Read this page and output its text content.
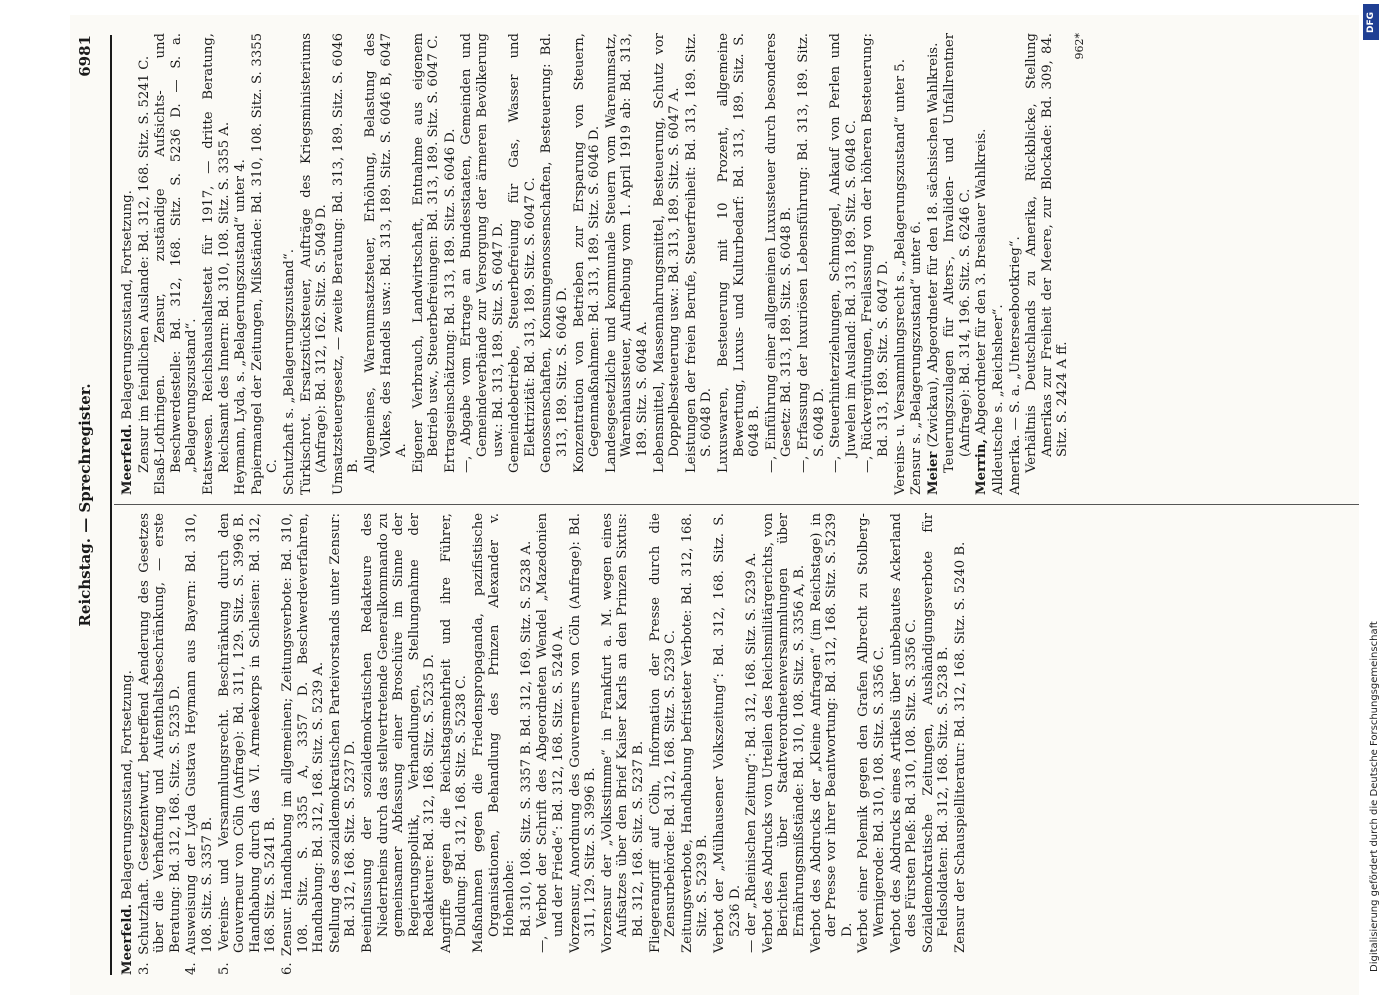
Reichstag. — Sprechregister.
6981

Meerfeld. Belagerungszustand, Fortsetzung. 3. Schutzhaft. Gesetzentwurf, betreffend Aenderung des Gesetzes über die Verhaftung und Aufenthaltsbeschränkung, — erste Beratung: Bd. 312, 168. Sitz. S. 5235 D. 4. Ausweisung der Lyda Gustava Heymann aus Bayern: Bd. 310, 108. Sitz. S. 3357 B. 5. Vereins- und Versammlungsrecht. Beschränkung durch den Gouverneur von Cöln (Anfrage): Bd. 311, 129. Sitz. S. 3996 B. Handhabung durch das VI. Armeekorps in Schlesien: Bd. 312, 168. Sitz. S. 5241 B. 6. Zensur. Handhabung im allgemeinen; Zeitungsverbote: Bd. 310, 108. Sitz. S. 3355 A, 3357 D. Beschwerdeverfahren, Handhabung: Bd. 312, 168. Sitz. S. 5239 A. Stellung des sozialdemokratischen Parteivorstands unter Zensur: Bd. 312, 168. Sitz. S. 5237 D. Beeinflussung der sozialdemokratischen Redakteure des Niederrheins durch das stellvertretende Generalkommando zu gemeinsamer Abfassung einer Broschüre im Sinne der Regierungspolitik, Verhandlungen, Stellungnahme der Redakteure: Bd. 312, 168. Sitz. S. 5235 D. Angriffe gegen die Reichstagsmehrheit und ihre Führer, Duldung: Bd. 312, 168. Sitz. S. 5238 C. Maßnahmen gegen die Friedenspropaganda, pazifistische Organisationen, Behandlung des Prinzen Alexander v. Hohenlohe: Bd. 310, 108. Sitz. S. 3357 B. Bd. 312, 169. Sitz. S. 5238 A. —, Verbot der Schrift des Abgeordneten Wendel „Mazedonien und der Friede“: Bd. 312, 168. Sitz. S. 5240 A. Vorzensur, Anordnung des Gouverneurs von Cöln (Anfrage): Bd. 311, 129. Sitz. S. 3996 B. Vorzensur der „Volksstimme“ in Frankfurt a. M. wegen eines Aufsatzes über den Brief Kaiser Karls an den Prinzen Sixtus: Bd. 312, 168. Sitz. S. 5237 B. Fliegerangriff auf Cöln, Information der Presse durch die Zensurbehörde: Bd. 312, 168. Sitz. S. 5239 C. Zeitungsverbote, Handhabung befristeter Verbote: Bd. 312, 168. Sitz. S. 5239 B. Verbot der „Mülhausener Volkszeitung“: Bd. 312, 168. Sitz. S. 5236 D. — der „Rheinischen Zeitung“: Bd. 312, 168. Sitz. S. 5239 A. Verbot des Abdrucks von Urteilen des Reichsmilitärgerichts, von Berichten über Stadtverordnetenversammlungen über Ernährungsmißstände: Bd. 310, 108. Sitz. S. 3356 A, B. Verbot des Abdrucks der „Kleine Anfragen“ (im Reichstage) in der Presse vor ihrer Beantwortung: Bd. 312, 168. Sitz. S. 5239 D. Verbot einer Polemik gegen den Grafen Albrecht zu Stolberg-Wernigerode: Bd. 310, 108. Sitz. S. 3356 C. Verbot des Abdrucks eines Artikels über unbebautes Ackerland des Fürsten Pleß: Bd. 310, 108. Sitz. S. 3356 C. Sozialdemokratische Zeitungen, Aushändigungsverbote für Feldsoldaten: Bd. 312, 168. Sitz. S. 5238 B. Zensur der Schauspielliteratur: Bd. 312, 168. Sitz. S. 5240 B.

Meerfeld. Belagerungszustand, Fortsetzung. Zensur im feindlichen Auslande: Bd. 312, 168. Sitz. S. 5241 C. Elsaß-Lothringen. Zensur, zuständige Aufsichts- und Beschwerdestelle: Bd. 312, 168. Sitz. S. 5236 D. — S. a. „Belagerungszustand“. Etatswesen. Reichshaushaltsetat für 1917, — dritte Beratung, Reichsamt des Innern: Bd. 310, 108. Sitz. S. 3355 A. Heymann, Lyda, s. „Belagerungszustand“ unter 4. Papiermangel der Zeitungen, Mißstände: Bd. 310, 108. Sitz. S. 3355 C. Schutzhaft s. „Belagerungszustand“. Türkischrot. Ersatzstücksteuer, Aufträge des Kriegsministeriums (Anfrage): Bd. 312, 162. Sitz. S. 5049 D. Umsatzsteuergesetz, — zweite Beratung: Bd. 313, 189. Sitz. S. 6046 B. Allgemeines, Warenumsatzsteuer, Erhöhung, Belastung des Volkes, des Handels usw.: Bd. 313, 189. Sitz. S. 6046 B, 6047 A. Eigener Verbrauch, Landwirtschaft, Entnahme aus eigenem Betrieb usw., Steuerbefreiungen: Bd. 313, 189. Sitz. S. 6047 C. Ertragseinschätzung: Bd. 313, 189. Sitz. S. 6046 D. —, Abgabe vom Ertrage an Bundesstaaten, Gemeinden und Gemeindeverbände zur Versorgung der ärmeren Bevölkerung usw.: Bd. 313, 189. Sitz. S. 6047 D. Gemeindebetriebe, Steuerbefreiung für Gas, Wasser und Elektrizität: Bd. 313, 189. Sitz. S. 6047 C. Genossenschaften, Konsumgenossenschaften, Besteuerung: Bd. 313, 189. Sitz. S. 6046 D. Konzentration von Betrieben zur Ersparung von Steuern, Gegenmaßnahmen: Bd. 313, 189. Sitz. S. 6046 D. Landesgesetzliche und kommunale Steuern vom Warenumsatz, Warenhaussteuer, Aufhebung vom 1. April 1919 ab: Bd. 313, 189. Sitz. S. 6048 A. Lebensmittel, Massennahrungsmittel, Besteuerung, Schutz vor Doppelbesteuerung usw.: Bd. 313, 189. Sitz. S. 6047 A. Leistungen der freien Berufe, Steuerfreiheit: Bd. 313, 189. Sitz. S. 6048 D. Luxuswaren, Besteuerung mit 10 Prozent, allgemeine Bewertung, Luxus- und Kulturbedarf: Bd. 313, 189. Sitz. S. 6048 B. —, Einführung einer allgemeinen Luxussteuer durch besonderes Gesetz: Bd. 313, 189. Sitz. S. 6048 B. —, Erfassung der luxuriösen Lebensführung: Bd. 313, 189. Sitz. S. 6048 D. —, Steuerhinterziehungen, Schmuggel, Ankauf von Perlen und Juwelen im Ausland: Bd. 313, 189. Sitz. S. 6048 C. —, Rückvergütungen, Freilassung von der höheren Besteuerung: Bd. 313, 189. Sitz. S. 6047 D. Vereins- u. Versammlungsrecht s. „Belagerungszustand“ unter 5. Zensur s. „Belagerungszustand“ unter 6. Meier (Zwickau), Abgeordneter für den 18. sächsischen Wahlkreis. Teuerungszulagen für Alters-, Invaliden- und Unfallrentner (Anfrage): Bd. 314, 196. Sitz. S. 6246 C.

Merrin, Abgeordneter für den 3. Breslauer Wahlkreis. Alldeutsche s. „Reichsheer“. Amerika. — S. a. „Unterseebootkrieg“. Verhältnis Deutschlands zu Amerika, Rückblicke, Stellung Amerikas zur Freiheit der Meere, zur Blockade: Bd. 309, 84. Sitz. S. 2424 A ff.

962*

Digitalisierung gefördert durch die Deutsche Forschungsgemeinschaft
DFG
